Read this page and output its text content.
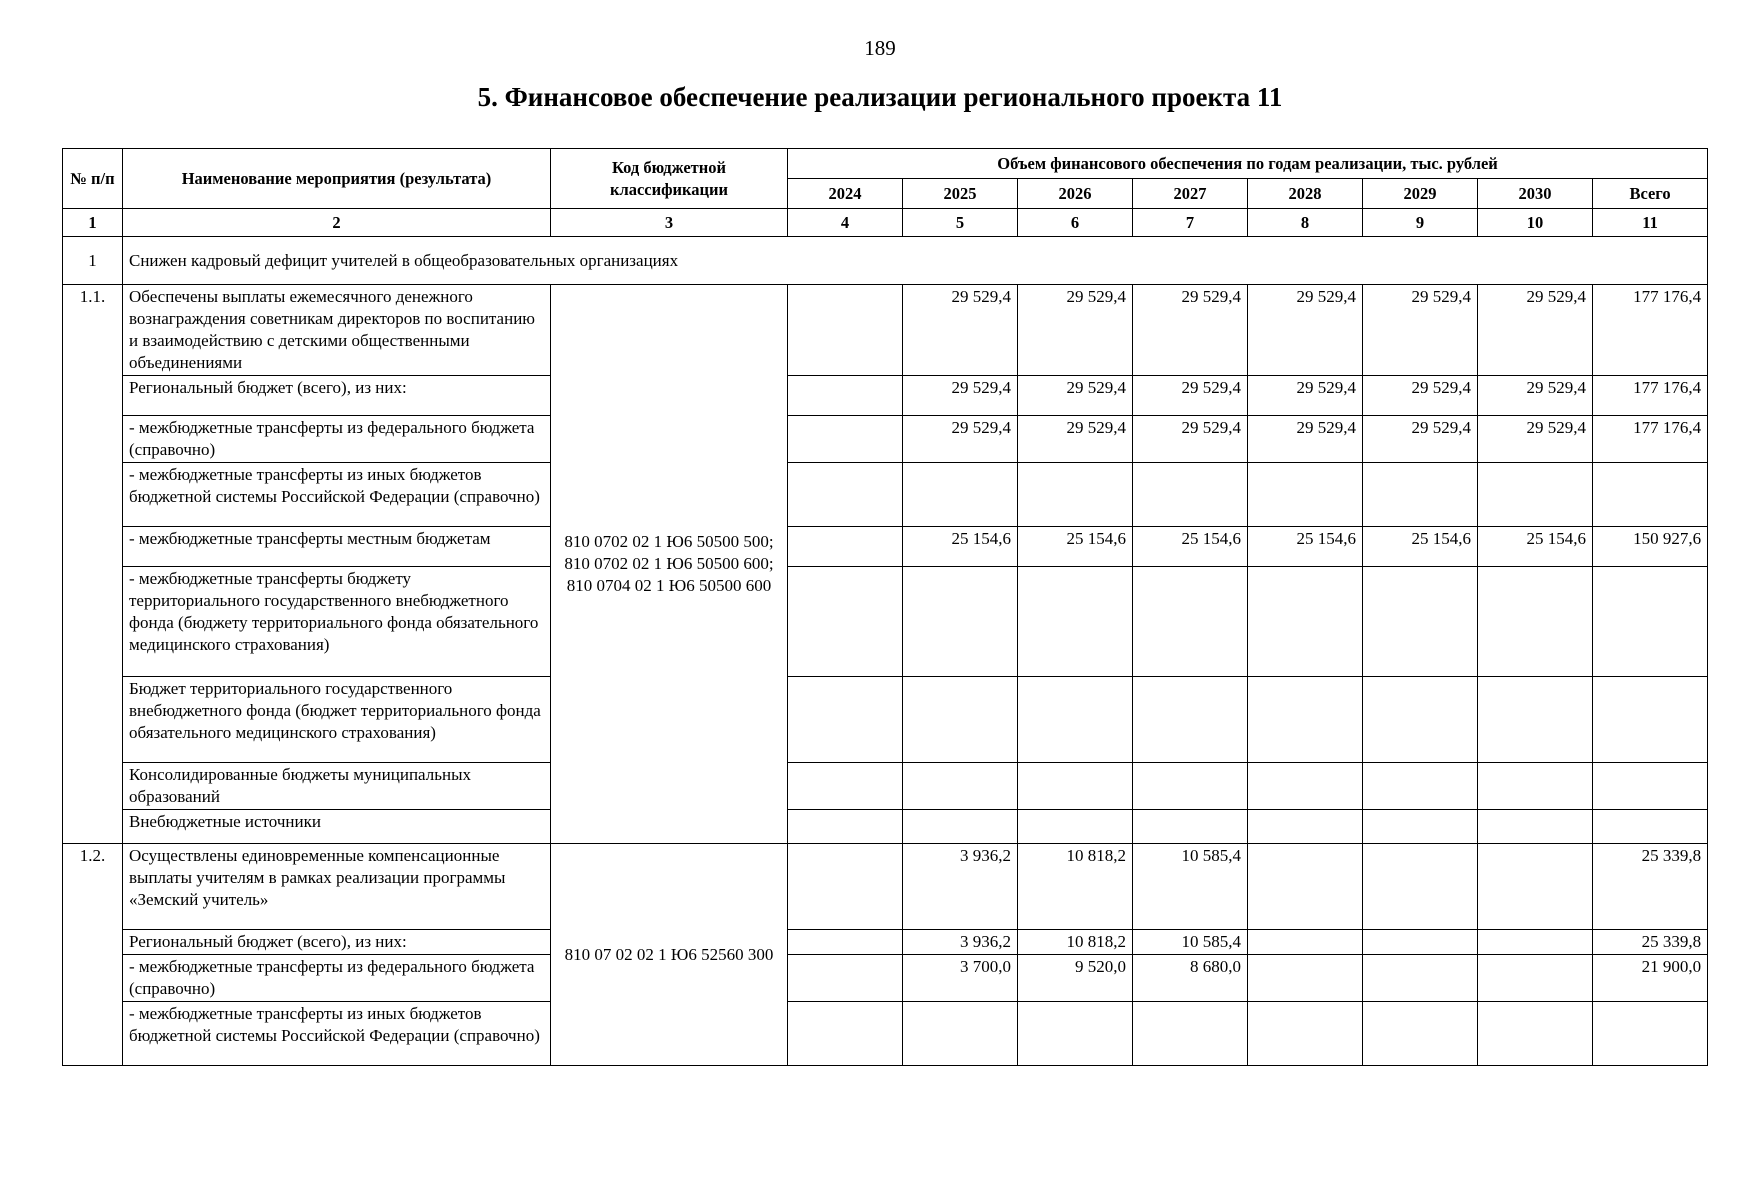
189
5. Финансовое обеспечение реализации регионального проекта 11
№ п/п	Наименование мероприятия (результата)	Код бюджетной классификации	Объем финансового обеспечения по годам реализации, тыс. рублей							
			2024	2025	2026	2027	2028	2029	2030	Всего
1	2	3	4	5	6	7	8	9	10	11
1	Снижен кадровый дефицит учителей в общеобразовательных организациях									
1.1.	Обеспечены выплаты ежемесячного денежного вознаграждения советникам директоров по воспитанию и взаимодействию с детскими общественными объединениями	810 0702 02 1 Ю6 50500 500; 810 0702 02 1 Ю6 50500 600; 810 0704 02 1 Ю6 50500 600		29 529,4	29 529,4	29 529,4	29 529,4	29 529,4	29 529,4	177 176,4
	Региональный бюджет (всего), из них:			29 529,4	29 529,4	29 529,4	29 529,4	29 529,4	29 529,4	177 176,4
	- межбюджетные трансферты из федерального бюджета (справочно)			29 529,4	29 529,4	29 529,4	29 529,4	29 529,4	29 529,4	177 176,4
	- межбюджетные трансферты из иных бюджетов бюджетной системы Российской Федерации (справочно)									
	- межбюджетные трансферты местным бюджетам			25 154,6	25 154,6	25 154,6	25 154,6	25 154,6	25 154,6	150 927,6
	- межбюджетные трансферты бюджету территориального государственного внебюджетного фонда (бюджету территориального фонда обязательного медицинского страхования)									
	Бюджет территориального государственного внебюджетного фонда (бюджет территориального фонда обязательного медицинского страхования)									
	Консолидированные бюджеты муниципальных образований									
	Внебюджетные источники									
1.2.	Осуществлены единовременные компенсационные выплаты учителям в рамках реализации программы «Земский учитель»	810 07 02 02 1 Ю6 52560 300		3 936,2	10 818,2	10 585,4				25 339,8
	Региональный бюджет (всего), из них:			3 936,2	10 818,2	10 585,4				25 339,8
	- межбюджетные трансферты из федерального бюджета (справочно)			3 700,0	9 520,0	8 680,0				21 900,0
	- межбюджетные трансферты из иных бюджетов бюджетной системы Российской Федерации (справочно)									
